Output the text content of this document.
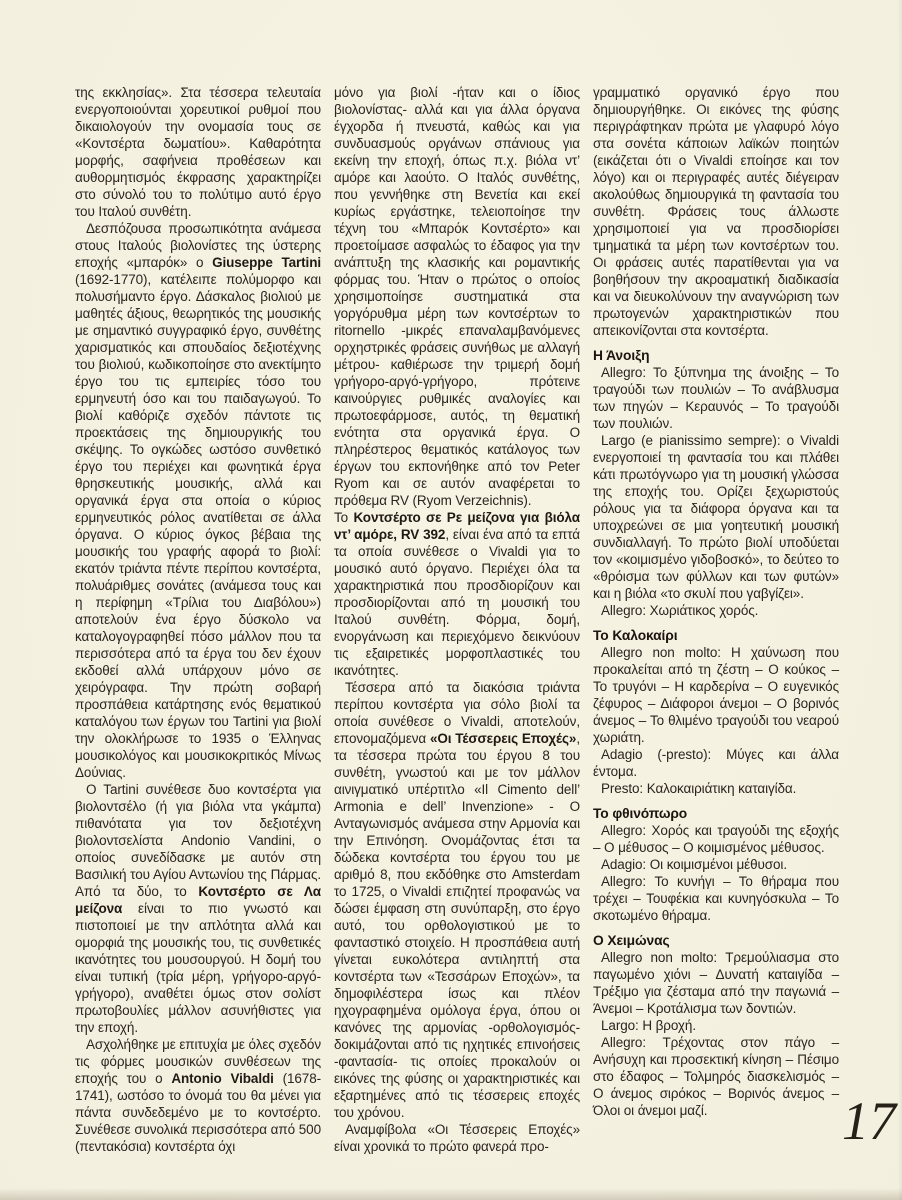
της εκκλησίας». Στα τέσσερα τελευταία ενεργοποιούνται χορευτικοί ρυθμοί που δικαιολογούν την ονομασία τους σε «Κοντσέρτα δωματίου». Καθαρότητα μορφής, σαφήνεια προθέσεων και αυθορμητισμός έκφρασης χαρακτηρίζει στο σύνολό του το πολύτιμο αυτό έργο του Ιταλού συνθέτη.

Δεσπόζουσα προσωπικότητα ανάμεσα στους Ιταλούς βιολονίστες της ύστερης εποχής «μπαρόκ» ο Giuseppe Tartini (1692-1770), κατέλειπε πολύμορφο και πολυσήμαντο έργο. Δάσκαλος βιολιού με μαθητές άξιους, θεωρητικός της μουσικής με σημαντικό συγγραφικό έργο, συνθέτης χαρισματικός και σπουδαίος δεξιοτέχνης του βιολιού, κωδικοποίησε στο ανεκτίμητο έργο του τις εμπειρίες τόσο του ερμηνευτή όσο και του παιδαγωγού. Το βιολί καθόριζε σχεδόν πάντοτε τις προεκτάσεις της δημιουργικής του σκέψης. Το ογκώδες ωστόσο συνθετικό έργο του περιέχει και φωνητικά έργα θρησκευτικής μουσικής, αλλά και οργανικά έργα στα οποία ο κύριος ερμηνευτικός ρόλος ανατίθεται σε άλλα όργανα. Ο κύριος όγκος βέβαια της μουσικής του γραφής αφορά το βιολί: εκατόν τριάντα πέντε περίπου κοντσέρτα, πολυάριθμες σονάτες (ανάμεσα τους και η περίφημη «Τρίλια του Διαβόλου») αποτελούν ένα έργο δύσκολο να καταλογογραφηθεί πόσο μάλλον που τα περισσότερα από τα έργα του δεν έχουν εκδοθεί αλλά υπάρχουν μόνο σε χειρόγραφα. Την πρώτη σοβαρή προσπάθεια κατάρτησης ενός θεματικού καταλόγου των έργων του Tartini για βιολί την ολοκλήρωσε το 1935 ο Έλληνας μουσικολόγος και μουσικοκριτικός Μίνως Δούνιας.

Ο Tartini συνέθεσε δυο κοντσέρτα για βιολοντσέλο (ή για βιόλα ντα γκάμπα) πιθανότατα για τον δεξιοτέχνη βιολοντσελίστα Andonio Vandini, ο οποίος συνεδίδασκε με αυτόν στη Βασιλική του Αγίου Αντωνίου της Πάρμας. Από τα δύο, το Κοντσέρτο σε Λα μείζονα είναι το πιο γνωστό και πιστοποιεί με την απλότητα αλλά και ομορφιά της μουσικής του, τις συνθετικές ικανότητες του μουσουργού. Η δομή του είναι τυπική (τρία μέρη, γρήγορο-αργό-γρήγορο), αναθέτει όμως στον σολίστ πρωτοβουλίες μάλλον ασυνήθιστες για την εποχή.

Ασχολήθηκε με επιτυχία με όλες σχεδόν τις φόρμες μουσικών συνθέσεων της εποχής του ο Antonio Vibaldi (1678-1741), ωστόσο το όνομά του θα μένει για πάντα συνδεδεμένο με το κοντσέρτο. Συνέθεσε συνολικά περισσότερα από 500 (πεντακόσια) κοντσέρτα όχι

μόνο για βιολί -ήταν και ο ίδιος βιολονίστας- αλλά και για άλλα όργανα έγχορδα ή πνευστά, καθώς και για συνδυασμούς οργάνων σπάνιους για εκείνη την εποχή, όπως π.χ. βιόλα ντ’ αμόρε και λαούτο. Ο Ιταλός συνθέτης, που γεννήθηκε στη Βενετία και εκεί κυρίως εργάστηκε, τελειοποίησε την τέχνη του «Μπαρόκ Κοντσέρτο» και προετοίμασε ασφαλώς το έδαφος για την ανάπτυξη της κλασικής και ρομαντικής φόρμας του. Ήταν ο πρώτος ο οποίος χρησιμοποίησε συστηματικά στα γοργόρυθμα μέρη των κοντσέρτων το ritornello -μικρές επαναλαμβανόμενες ορχηστρικές φράσεις συνήθως με αλλαγή μέτρου- καθιέρωσε την τριμερή δομή γρήγορο-αργό-γρήγορο, πρότεινε καινούργιες ρυθμικές αναλογίες και πρωτοεφάρμοσε, αυτός, τη θεματική ενότητα στα οργανικά έργα. Ο πληρέστερος θεματικός κατάλογος των έργων του εκπονήθηκε από τον Peter Ryom και σε αυτόν αναφέρεται το πρόθεμα RV (Ryom Verzeichnis).

Το Κοντσέρτο σε Ρε μείζονα για βιόλα ντ’ αμόρε, RV 392, είναι ένα από τα επτά τα οποία συνέθεσε ο Vivaldi για το μουσικό αυτό όργανο. Περιέχει όλα τα χαρακτηριστικά που προσδιορίζουν και προσδιορίζονται από τη μουσική του Ιταλού συνθέτη. Φόρμα, δομή, ενοργάνωση και περιεχόμενο δεικνύουν τις εξαιρετικές μορφοπλαστικές του ικανότητες.

Τέσσερα από τα διακόσια τριάντα περίπου κοντσέρτα για σόλο βιολί τα οποία συνέθεσε ο Vivaldi, αποτελούν, επονομαζόμενα «Οι Τέσσερεις Εποχές», τα τέσσερα πρώτα του έργου 8 του συνθέτη, γνωστού και με τον μάλλον αινιγματικό υπέρτιτλο «Il Cimento dell’ Armonia e dell’ Invenzione» - Ο Ανταγωνισμός ανάμεσα στην Αρμονία και την Επινόηση. Ονομάζοντας έτσι τα δώδεκα κοντσέρτα του έργου του με αριθμό 8, που εκδόθηκε στο Amsterdam το 1725, ο Vivaldi επιζητεί προφανώς να δώσει έμφαση στη συνύπαρξη, στο έργο αυτό, του ορθολογιστικού με το φανταστικό στοιχείο. Η προσπάθεια αυτή γίνεται ευκολότερα αντιληπτή στα κοντσέρτα των «Τεσσάρων Εποχών», τα δημοφιλέστερα ίσως και πλέον ηχογραφημένα ομόλογα έργα, όπου οι κανόνες της αρμονίας -ορθολογισμός- δοκιμάζονται από τις ηχητικές επινοήσεις -φαντασία- τις οποίες προκαλούν οι εικόνες της φύσης οι χαρακτηριστικές και εξαρτημένες από τις τέσσερεις εποχές του χρόνου.

Αναμφίβολα «Οι Τέσσερεις Εποχές» είναι χρονικά το πρώτο φανερά προ-

γραμματικό οργανικό έργο που δημιουργήθηκε. Οι εικόνες της φύσης περιγράφτηκαν πρώτα με γλαφυρό λόγο στα σονέτα κάποιων λαϊκών ποιητών (εικάζεται ότι ο Vivaldi εποίησε και τον λόγο) και οι περιγραφές αυτές διέγειραν ακολούθως δημιουργικά τη φαντασία του συνθέτη. Φράσεις τους άλλωστε χρησιμοποιεί για να προσδιορίσει τμηματικά τα μέρη των κοντσέρτων του. Οι φράσεις αυτές παρατίθενται για να βοηθήσουν την ακροαματική διαδικασία και να διευκολύνουν την αναγνώριση των πρωτογενών χαρακτηριστικών που απεικονίζονται στα κοντσέρτα.

Η Άνοιξη

Allegro: Το ξύπνημα της άνοιξης – Το τραγούδι των πουλιών – Το ανάβλυσμα των πηγών – Κεραυνός – Το τραγούδι των πουλιών.

Largo (e pianissimo sempre): ο Vivaldi ενεργοποιεί τη φαντασία του και πλάθει κάτι πρωτόγνωρο για τη μουσική γλώσσα της εποχής του. Ορίζει ξεχωριστούς ρόλους για τα διάφορα όργανα και τα υποχρεώνει σε μια γοητευτική μουσική συνδιαλλαγή. Το πρώτο βιολί υποδύεται τον «κοιμισμένο γιδοβοσκό», το δεύτεο το «θρόισμα των φύλλων και των φυτών» και η βιόλα «το σκυλί που γαβγίζει».

Allegro: Χωριάτικος χορός.

Το Καλοκαίρι

Allegro non molto: Η χαύνωση που προκαλείται από τη ζέστη – Ο κούκος – Το τρυγόνι – Η καρδερίνα – Ο ευγενικός ζέφυρος – Διάφοροι άνεμοι – Ο βορινός άνεμος – Το θλιμένο τραγούδι του νεαρού χωριάτη.

Adagio (-presto): Μύγες και άλλα έντομα.

Presto: Καλοκαιριάτικη καταιγίδα.

Το φθινόπωρο

Allegro: Χορός και τραγούδι της εξοχής – Ο μέθυσος – Ο κοιμισμένος μέθυσος.

Adagio: Οι κοιμισμένοι μέθυσοι.

Allegro: Το κυνήγι – Το θήραμα που τρέχει – Τουφέκια και κυνηγόσκυλα – Το σκοτωμένο θήραμα.

Ο Χειμώνας

Allegro non molto: Τρεμούλιασμα στο παγωμένο χιόνι – Δυνατή καταιγίδα – Τρέξιμο για ζέσταμα από την παγωνιά – Άνεμοι – Κροτάλισμα των δοντιών.

Largo: Η βροχή.

Allegro: Τρέχοντας στον πάγο – Ανήσυχη και προσεκτική κίνηση – Πέσιμο στο έδαφος – Τολμηρός διασκελισμός – Ο άνεμος σιρόκος – Βορινός άνεμος – Όλοι οι άνεμοι μαζί.	17
